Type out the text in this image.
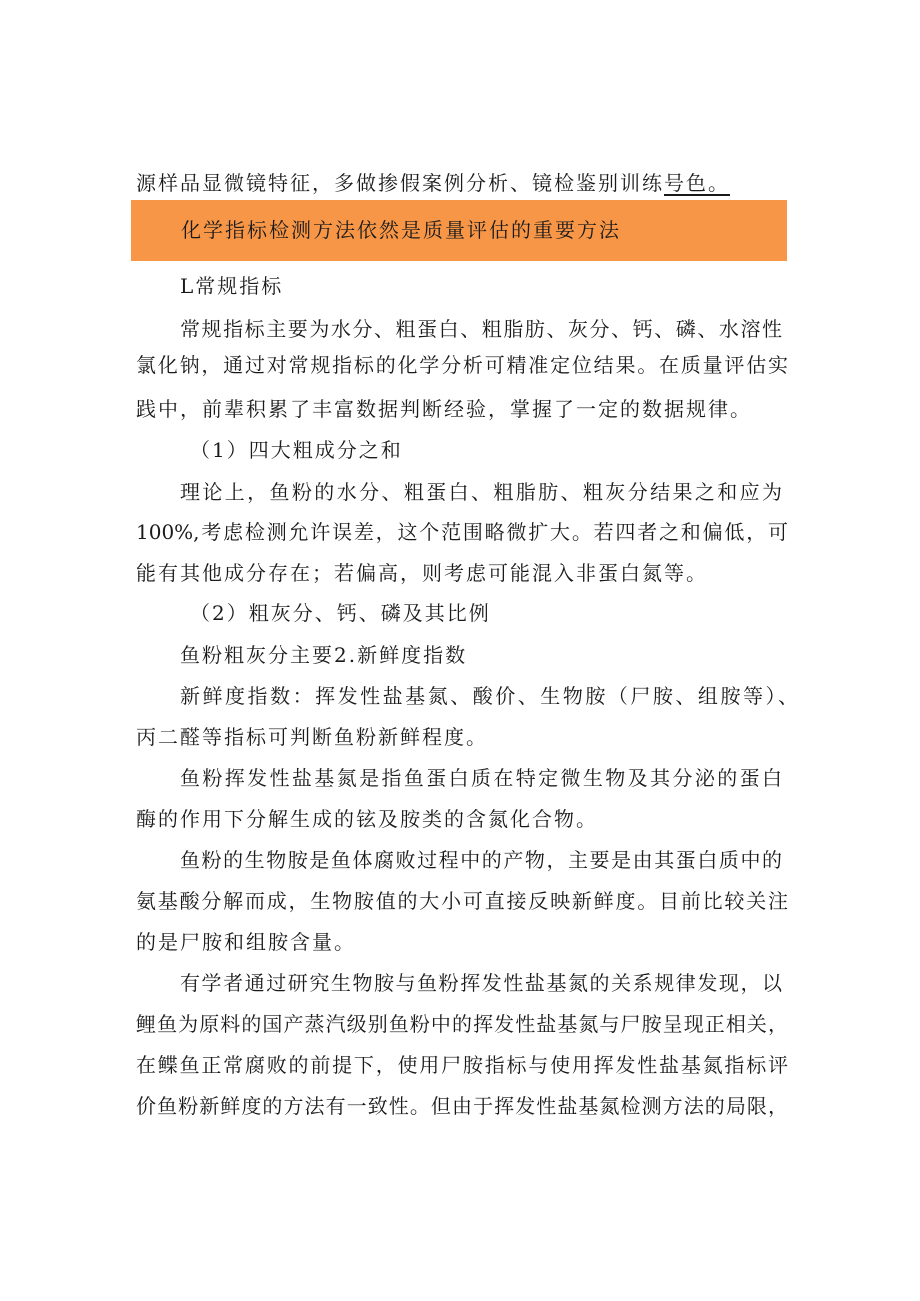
源样品显微镜特征，多做掺假案例分析、镜检鉴别训练号色。
化学指标检测方法依然是质量评估的重要方法
L常规指标
常规指标主要为水分、粗蛋白、粗脂肪、灰分、钙、磷、水溶性
氯化钠，通过对常规指标的化学分析可精准定位结果。在质量评估实
践中，前辈积累了丰富数据判断经验，掌握了一定的数据规律。
（1）四大粗成分之和
理论上，鱼粉的水分、粗蛋白、粗脂肪、粗灰分结果之和应为
100%,考虑检测允许误差，这个范围略微扩大。若四者之和偏低，可
能有其他成分存在；若偏高，则考虑可能混入非蛋白氮等。
（2）粗灰分、钙、磷及其比例
鱼粉粗灰分主要2.新鲜度指数
新鲜度指数：挥发性盐基氮、酸价、生物胺（尸胺、组胺等）、
丙二醛等指标可判断鱼粉新鲜程度。
鱼粉挥发性盐基氮是指鱼蛋白质在特定微生物及其分泌的蛋白
酶的作用下分解生成的铉及胺类的含氮化合物。
鱼粉的生物胺是鱼体腐败过程中的产物，主要是由其蛋白质中的
氨基酸分解而成，生物胺值的大小可直接反映新鲜度。目前比较关注
的是尸胺和组胺含量。
有学者通过研究生物胺与鱼粉挥发性盐基氮的关系规律发现，以
鲤鱼为原料的国产蒸汽级别鱼粉中的挥发性盐基氮与尸胺呈现正相关，
在鲽鱼正常腐败的前提下，使用尸胺指标与使用挥发性盐基氮指标评
价鱼粉新鲜度的方法有一致性。但由于挥发性盐基氮检测方法的局限，
